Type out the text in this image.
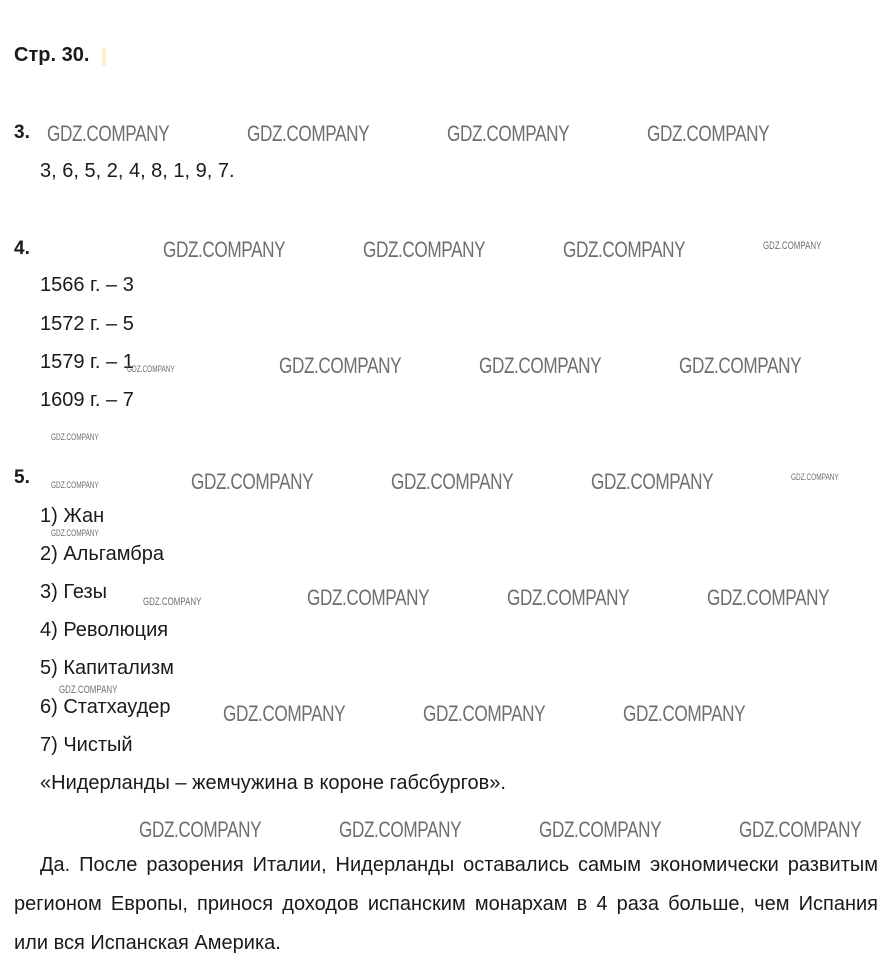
Стр. 30.
3.
3, 6, 5, 2, 4, 8, 1, 9, 7.
4.
1566 г. – 3
1572 г. – 5
1579 г. – 1
1609 г. – 7
5.
1) Жан
2) Альгамбра
3) Гезы
4) Революция
5) Капитализм
6) Статхаудер
7) Чистый
«Нидерланды – жемчужина в короне габсбургов».
Да. После разорения Италии, Нидерланды оставались самым экономически развитым регионом Европы, принося доходов испанским монархам в 4 раза больше, чем Испания или вся Испанская Америка.
GDZ.COMPANY	GDZ.COMPANY	GDZ.COMPANY	GDZ.COMPANY
GDZ.COMPANY	GDZ.COMPANY	GDZ.COMPANY	GDZ.COMPANY
GDZ.COMPANY	GDZ.COMPANY	GDZ.COMPANY	GDZ.COMPANY
GDZ.COMPANY
GDZ.COMPANY	GDZ.COMPANY	GDZ.COMPANY	GDZ.COMPANY	GDZ.COMPANY
GDZ.COMPANY
GDZ.COMPANY	GDZ.COMPANY	GDZ.COMPANY	GDZ.COMPANY
GDZ.COMPANY
GDZ.COMPANY	GDZ.COMPANY	GDZ.COMPANY
GDZ.COMPANY	GDZ.COMPANY	GDZ.COMPANY	GDZ.COMPANY
